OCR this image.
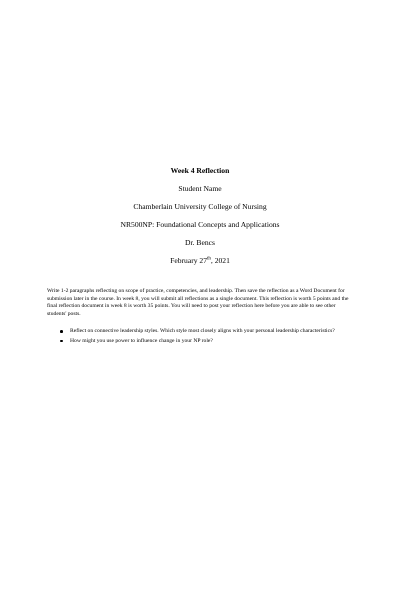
Week 4 Reflection
Student Name
Chamberlain University College of Nursing
NR500NP: Foundational Concepts and Applications
Dr. Bencs
February 27th, 2021

Write 1-2 paragraphs reflecting on scope of practice, competencies, and leadership. Then save the reflection as a Word Document for submission later in the course. In week 8, you will submit all reflections as a single document. This reflection is worth 5 points and the final reflection document in week 8 is worth 35 points. You will need to post your reflection here before you are able to see other students' posts.

Reflect on connective leadership styles. Which style most closely aligns with your personal leadership characteristics?
How might you use power to influence change in your NP role?
